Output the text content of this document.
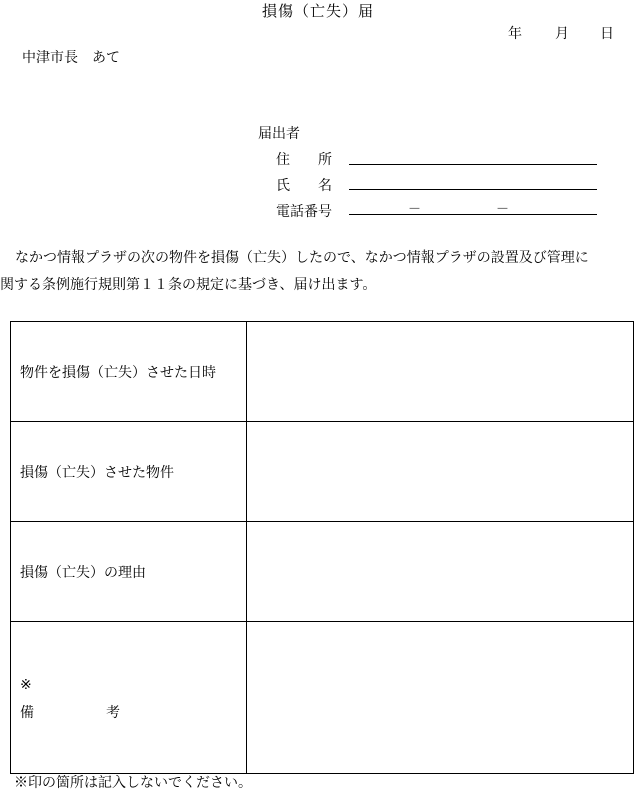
損傷（亡失）届
年 月 日
中津市長　あて
届出者
住　　所
氏　　名
電話番号	－	－
なかつ情報プラザの次の物件を損傷（亡失）したので、なかつ情報プラザの設置及び管理に
関する条例施行規則第１１条の規定に基づき、届け出ます。
物件を損傷（亡失）させた日時	
損傷（亡失）させた物件	
損傷（亡失）の理由	

※
備 考	

※印の箇所は記入しないでください。
